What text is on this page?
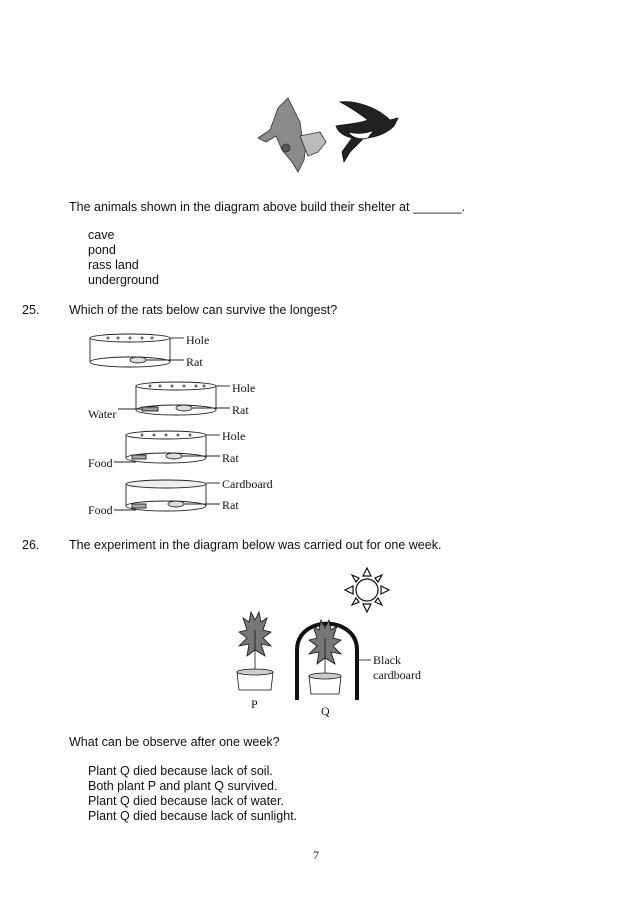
The animals shown in the diagram above build their shelter at _______.
cave
pond
rass land
underground
25. Which of the rats below can survive the longest?
Hole
Rat
Hole
Rat
Water
Hole
Rat
Food
Cardboard
Rat
Food
26. The experiment in the diagram below was carried out for one week.
Black
cardboard
P	Q
What can be observe after one week?
Plant Q died because lack of soil.
Both plant P and plant Q survived.
Plant Q died because lack of water.
Plant Q died because lack of sunlight.
7
